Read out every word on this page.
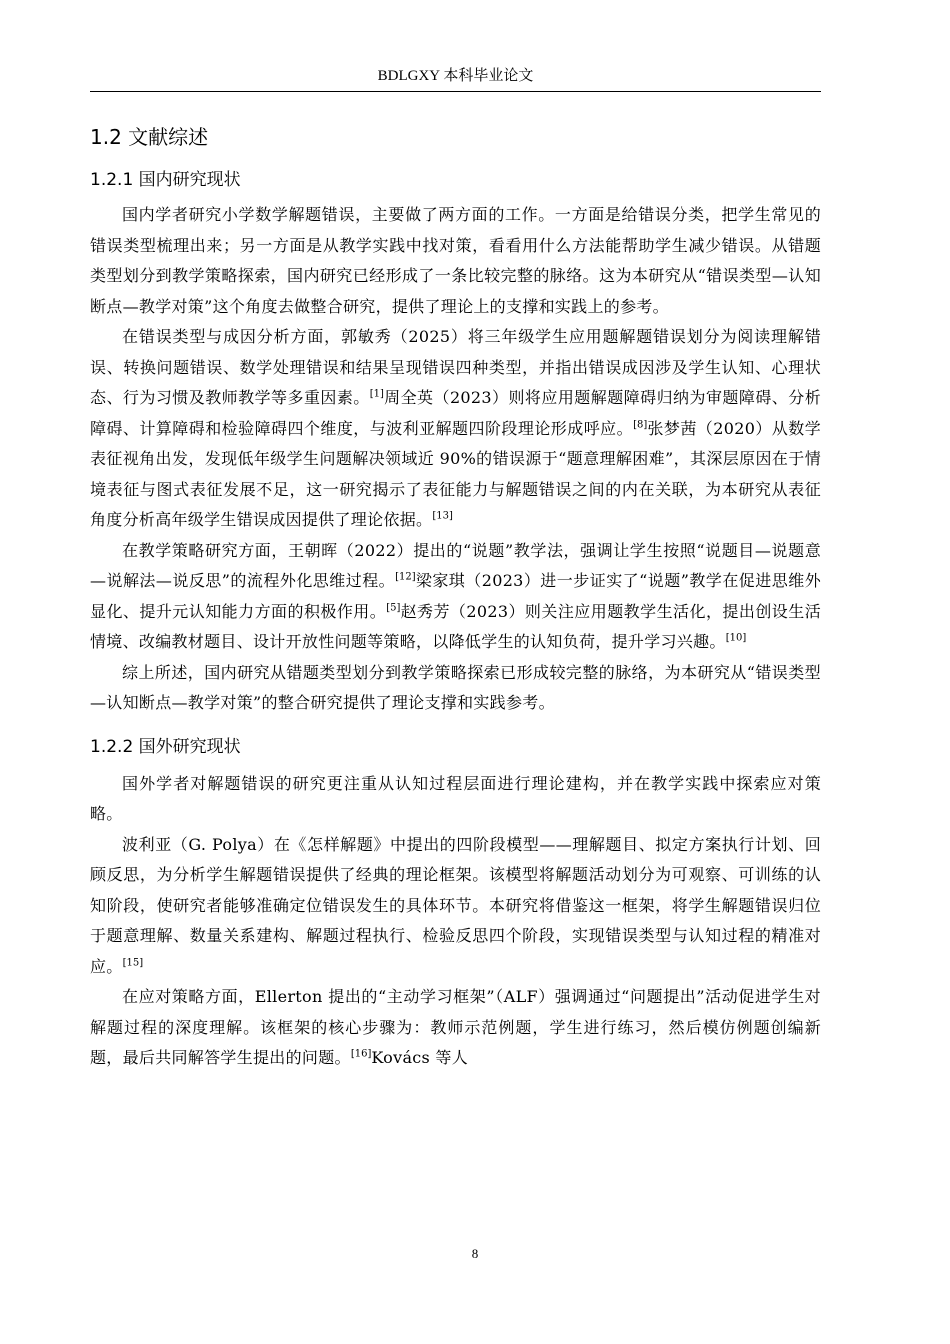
BDLGXY 本科毕业论文
1.2 文献综述
1.2.1 国内研究现状

国内学者研究小学数学解题错误，主要做了两方面的工作。一方面是给错误分类，把学生常见的错误类型梳理出来；另一方面是从教学实践中找对策，看看用什么方法能帮助学生减少错误。从错题类型划分到教学策略探索，国内研究已经形成了一条比较完整的脉络。这为本研究从“错误类型—认知断点—教学对策”这个角度去做整合研究，提供了理论上的支撑和实践上的参考。

在错误类型与成因分析方面，郭敏秀（2025）将三年级学生应用题解题错误划分为阅读理解错误、转换问题错误、数学处理错误和结果呈现错误四种类型，并指出错误成因涉及学生认知、心理状态、行为习惯及教师教学等多重因素。[1]周全英（2023）则将应用题解题障碍归纳为审题障碍、分析障碍、计算障碍和检验障碍四个维度，与波利亚解题四阶段理论形成呼应。[8]张梦茜（2020）从数学表征视角出发，发现低年级学生问题解决领域近 90%的错误源于“题意理解困难”，其深层原因在于情境表征与图式表征发展不足，这一研究揭示了表征能力与解题错误之间的内在关联，为本研究从表征角度分析高年级学生错误成因提供了理论依据。[13]

在教学策略研究方面，王朝晖（2022）提出的“说题”教学法，强调让学生按照“说题目—说题意—说解法—说反思”的流程外化思维过程。[12]梁家琪（2023）进一步证实了“说题”教学在促进思维外显化、提升元认知能力方面的积极作用。[5]赵秀芳（2023）则关注应用题教学生活化，提出创设生活情境、改编教材题目、设计开放性问题等策略，以降低学生的认知负荷，提升学习兴趣。[10]

综上所述，国内研究从错题类型划分到教学策略探索已形成较完整的脉络，为本研究从“错误类型—认知断点—教学对策”的整合研究提供了理论支撑和实践参考。

1.2.2 国外研究现状

国外学者对解题错误的研究更注重从认知过程层面进行理论建构，并在教学实践中探索应对策略。

波利亚（G. Polya）在《怎样解题》中提出的四阶段模型——理解题目、拟定方案执行计划、回顾反思，为分析学生解题错误提供了经典的理论框架。该模型将解题活动划分为可观察、可训练的认知阶段，使研究者能够准确定位错误发生的具体环节。本研究将借鉴这一框架，将学生解题错误归位于题意理解、数量关系建构、解题过程执行、检验反思四个阶段，实现错误类型与认知过程的精准对应。[15]

在应对策略方面，Ellerton 提出的“主动学习框架”（ALF）强调通过“问题提出”活动促进学生对解题过程的深度理解。该框架的核心步骤为：教师示范例题，学生进行练习，然后模仿例题创编新题，最后共同解答学生提出的问题。[16]Kovács 等人

8
